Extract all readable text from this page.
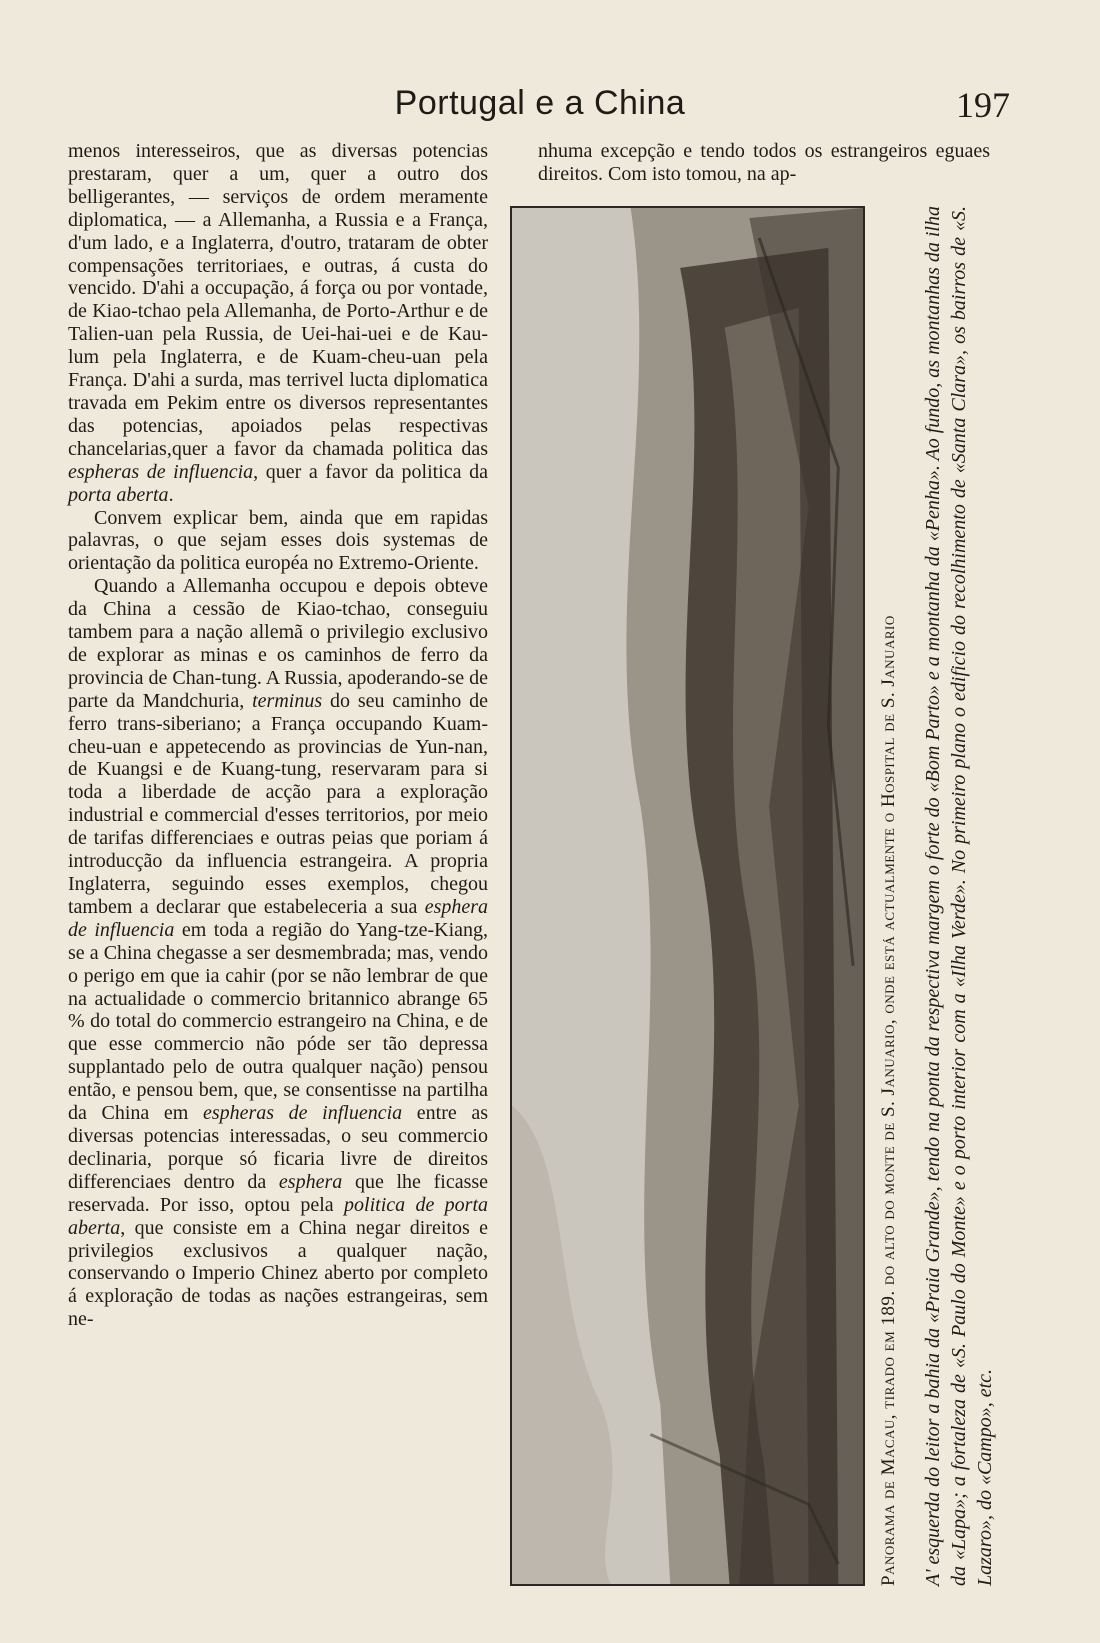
Portugal e a China	197

menos interesseiros, que as diversas potencias prestaram, quer a um, quer a outro dos belligerantes, — serviços de ordem meramente diplomatica, — a Allemanha, a Russia e a França, d'um lado, e a Inglaterra, d'outro, trataram de obter compensações territoriaes, e outras, á custa do vencido. D'ahi a occupação, á força ou por vontade, de Kiao-tchao pela Allemanha, de Porto-Arthur e de Talien-uan pela Russia, de Uei-hai-uei e de Kau-lum pela Inglaterra, e de Kuam-cheu-uan pela França. D'ahi a surda, mas terrivel lucta diplomatica travada em Pekim entre os diversos representantes das potencias, apoiados pelas respectivas chancelarias,quer a favor da chamada politica das espheras de influencia, quer a favor da politica da porta aberta.

Convem explicar bem, ainda que em rapidas palavras, o que sejam esses dois systemas de orientação da politica européa no Extremo-Oriente.

Quando a Allemanha occupou e depois obteve da China a cessão de Kiao-tchao, conseguiu tambem para a nação allemã o privilegio exclusivo de explorar as minas e os caminhos de ferro da provincia de Chan-tung. A Russia, apoderando-se de parte da Mandchuria, terminus do seu caminho de ferro trans-siberiano; a França occupando Kuam-cheu-uan e appetecendo as provincias de Yun-nan, de Kuangsi e de Kuang-tung, reservaram para si toda a liberdade de acção para a exploração industrial e commercial d'esses territorios, por meio de tarifas differenciaes e outras peias que poriam á introducção da influencia estrangeira. A propria Inglaterra, seguindo esses exemplos, chegou tambem a declarar que estabeleceria a sua esphera de influencia em toda a região do Yang-tze-Kiang, se a China chegasse a ser desmembrada; mas, vendo o perigo em que ia cahir (por se não lembrar de que na actualidade o commercio britannico abrange 65 % do total do commercio estrangeiro na China, e de que esse commercio não póde ser tão depressa supplantado pelo de outra qualquer nação) pensou então, e pensou bem, que, se consentisse na partilha da China em espheras de influencia entre as diversas potencias interessadas, o seu commercio declinaria, porque só ficaria livre de direitos differenciaes dentro da esphera que lhe ficasse reservada. Por isso, optou pela politica de porta aberta, que consiste em a China negar direitos e privilegios exclusivos a qualquer nação, conservando o Imperio Chinez aberto por completo á exploração de todas as nações estrangeiras, sem ne-

nhuma excepção e tendo todos os estrangeiros eguaes direitos. Com isto tomou, na ap-

Panorama de Macau, tirado em 189. do alto do monte de S. Januario, onde está actualmente o Hospital de S. Januario A' esquerda do leitor a bahia da «Praia Grande», tendo na ponta da respectiva margem o forte do «Bom Parto» e a montanha da «Penha». Ao fundo, as montanhas da ilha da «Lapa»; a fortaleza de «S. Paulo do Monte» e o porto interior com a «Ilha Verde». No primeiro plano o edificio do recolhimento de «Santa Clara», os bairros de «S. Lazaro», do «Campo», etc.
